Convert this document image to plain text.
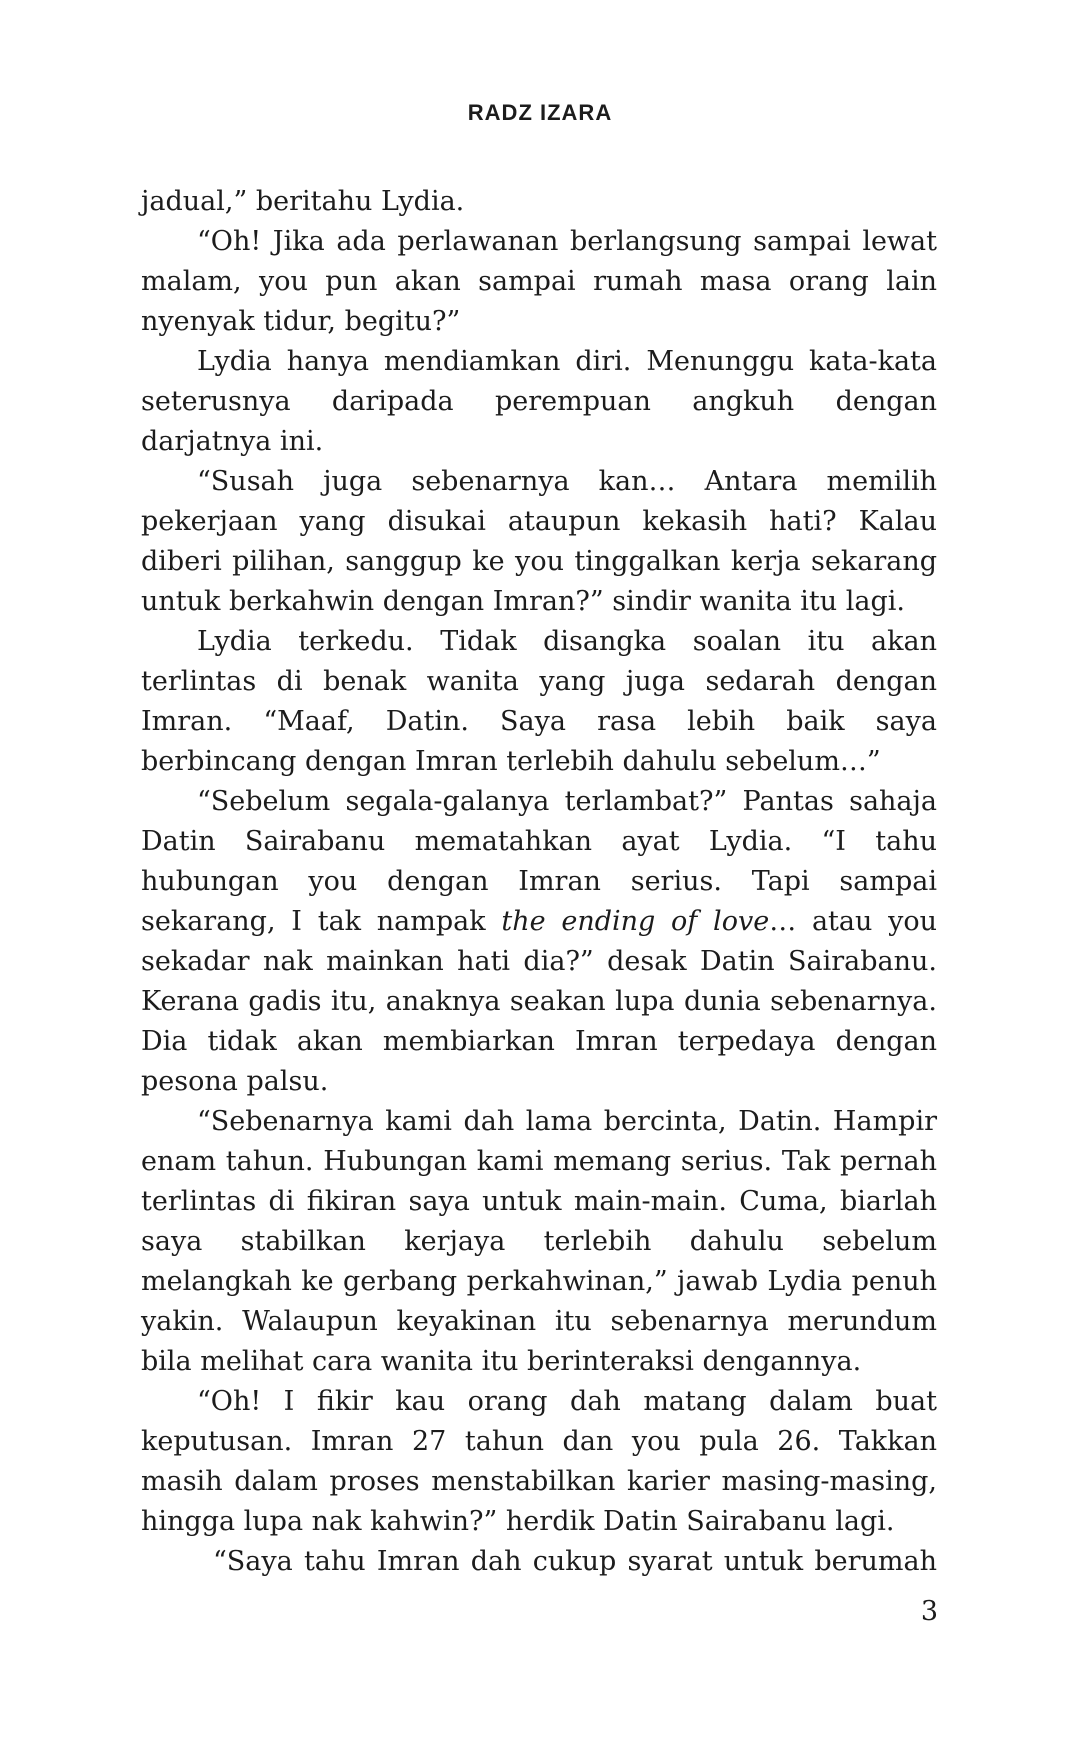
RADZ IZARA

jadual,” beritahu Lydia.

“Oh! Jika ada perlawanan berlangsung sampai lewat malam, you pun akan sampai rumah masa orang lain nyenyak tidur, begitu?”

Lydia hanya mendiamkan diri. Menunggu kata-kata seterusnya daripada perempuan angkuh dengan darjatnya ini.

“Susah juga sebenarnya kan… Antara memilih pekerjaan yang disukai ataupun kekasih hati? Kalau diberi pilihan, sanggup ke you tinggalkan kerja sekarang untuk berkahwin dengan Imran?” sindir wanita itu lagi.

Lydia terkedu. Tidak disangka soalan itu akan terlintas di benak wanita yang juga sedarah dengan Imran. “Maaf, Datin. Saya rasa lebih baik saya berbincang dengan Imran terlebih dahulu sebelum…”

“Sebelum segala-galanya terlambat?” Pantas sahaja Datin Sairabanu mematahkan ayat Lydia. “I tahu hubungan you dengan Imran serius. Tapi sampai sekarang, I tak nampak the ending of love… atau you sekadar nak mainkan hati dia?” desak Datin Sairabanu. Kerana gadis itu, anaknya seakan lupa dunia sebenarnya. Dia tidak akan membiarkan Imran terpedaya dengan pesona palsu.

“Sebenarnya kami dah lama bercinta, Datin. Hampir enam tahun. Hubungan kami memang serius. Tak pernah terlintas di fikiran saya untuk main-main. Cuma, biarlah saya stabilkan kerjaya terlebih dahulu sebelum melangkah ke gerbang perkahwinan,” jawab Lydia penuh yakin. Walaupun keyakinan itu sebenarnya merundum bila melihat cara wanita itu berinteraksi dengannya.

“Oh! I fikir kau orang dah matang dalam buat keputusan. Imran 27 tahun dan you pula 26. Takkan masih dalam proses menstabilkan karier masing-masing, hingga lupa nak kahwin?” herdik Datin Sairabanu lagi.

“Saya tahu Imran dah cukup syarat untuk berumah

3
